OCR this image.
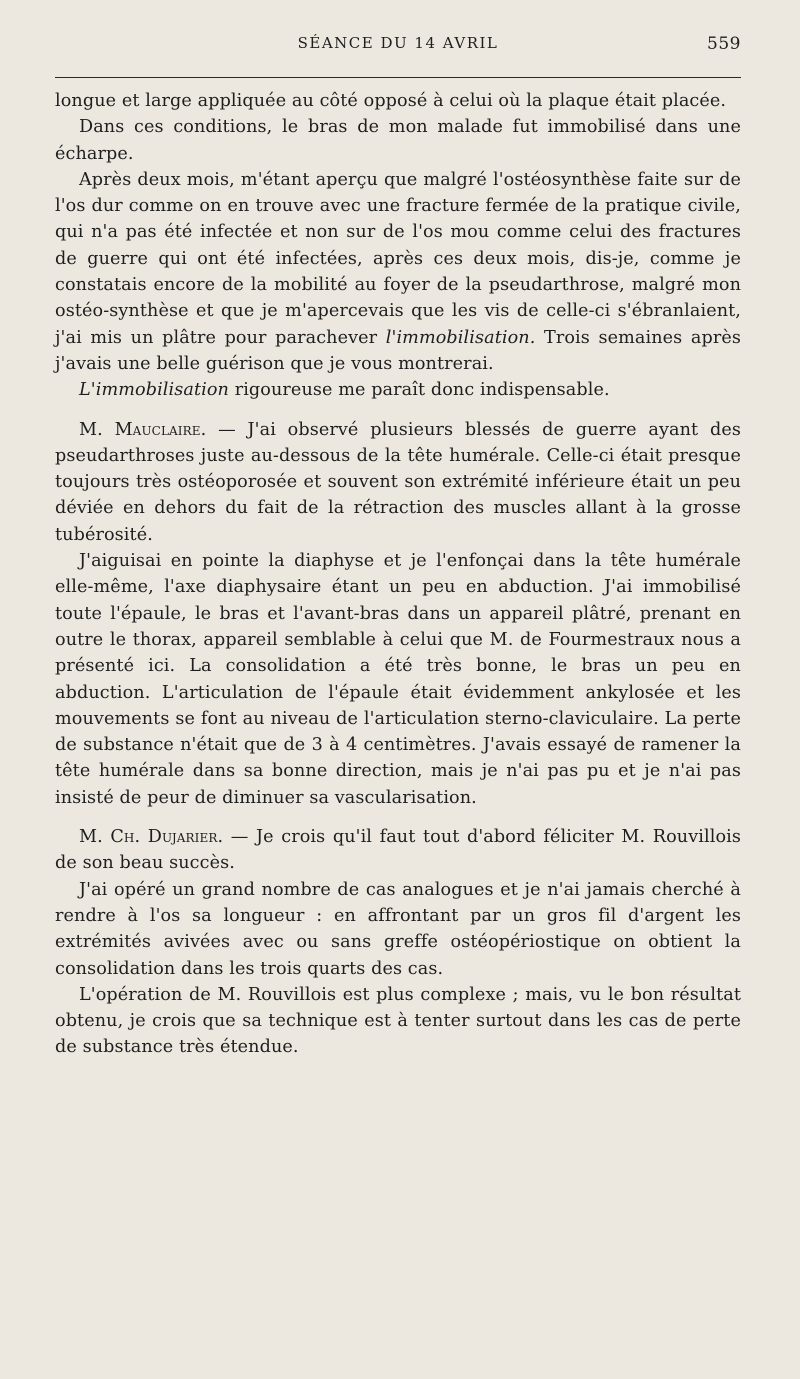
SÉANCE DU 14 AVRIL	559

longue et large appliquée au côté opposé à celui où la plaque était placée.

Dans ces conditions, le bras de mon malade fut immobilisé dans une écharpe.

Après deux mois, m'étant aperçu que malgré l'ostéosynthèse faite sur de l'os dur comme on en trouve avec une fracture fermée de la pratique civile, qui n'a pas été infectée et non sur de l'os mou comme celui des fractures de guerre qui ont été infectées, après ces deux mois, dis-je, comme je constatais encore de la mobilité au foyer de la pseudarthrose, malgré mon ostéo-synthèse et que je m'apercevais que les vis de celle-ci s'ébranlaient, j'ai mis un plâtre pour parachever l'immobilisation. Trois semaines après j'avais une belle guérison que je vous montrerai.

L'immobilisation rigoureuse me paraît donc indispensable.

M. Mauclaire. — J'ai observé plusieurs blessés de guerre ayant des pseudarthroses juste au-dessous de la tête humérale. Celle-ci était presque toujours très ostéoporosée et souvent son extrémité inférieure était un peu déviée en dehors du fait de la rétraction des muscles allant à la grosse tubérosité.

J'aiguisai en pointe la diaphyse et je l'enfonçai dans la tête humérale elle-même, l'axe diaphysaire étant un peu en abduction. J'ai immobilisé toute l'épaule, le bras et l'avant-bras dans un appareil plâtré, prenant en outre le thorax, appareil semblable à celui que M. de Fourmestraux nous a présenté ici. La consolidation a été très bonne, le bras un peu en abduction. L'articulation de l'épaule était évidemment ankylosée et les mouvements se font au niveau de l'articulation sterno-claviculaire. La perte de substance n'était que de 3 à 4 centimètres. J'avais essayé de ramener la tête humérale dans sa bonne direction, mais je n'ai pas pu et je n'ai pas insisté de peur de diminuer sa vascularisation.

M. Ch. Dujarier. — Je crois qu'il faut tout d'abord féliciter M. Rouvillois de son beau succès.

J'ai opéré un grand nombre de cas analogues et je n'ai jamais cherché à rendre à l'os sa longueur : en affrontant par un gros fil d'argent les extrémités avivées avec ou sans greffe ostéopériostique on obtient la consolidation dans les trois quarts des cas.

L'opération de M. Rouvillois est plus complexe ; mais, vu le bon résultat obtenu, je crois que sa technique est à tenter surtout dans les cas de perte de substance très étendue.
